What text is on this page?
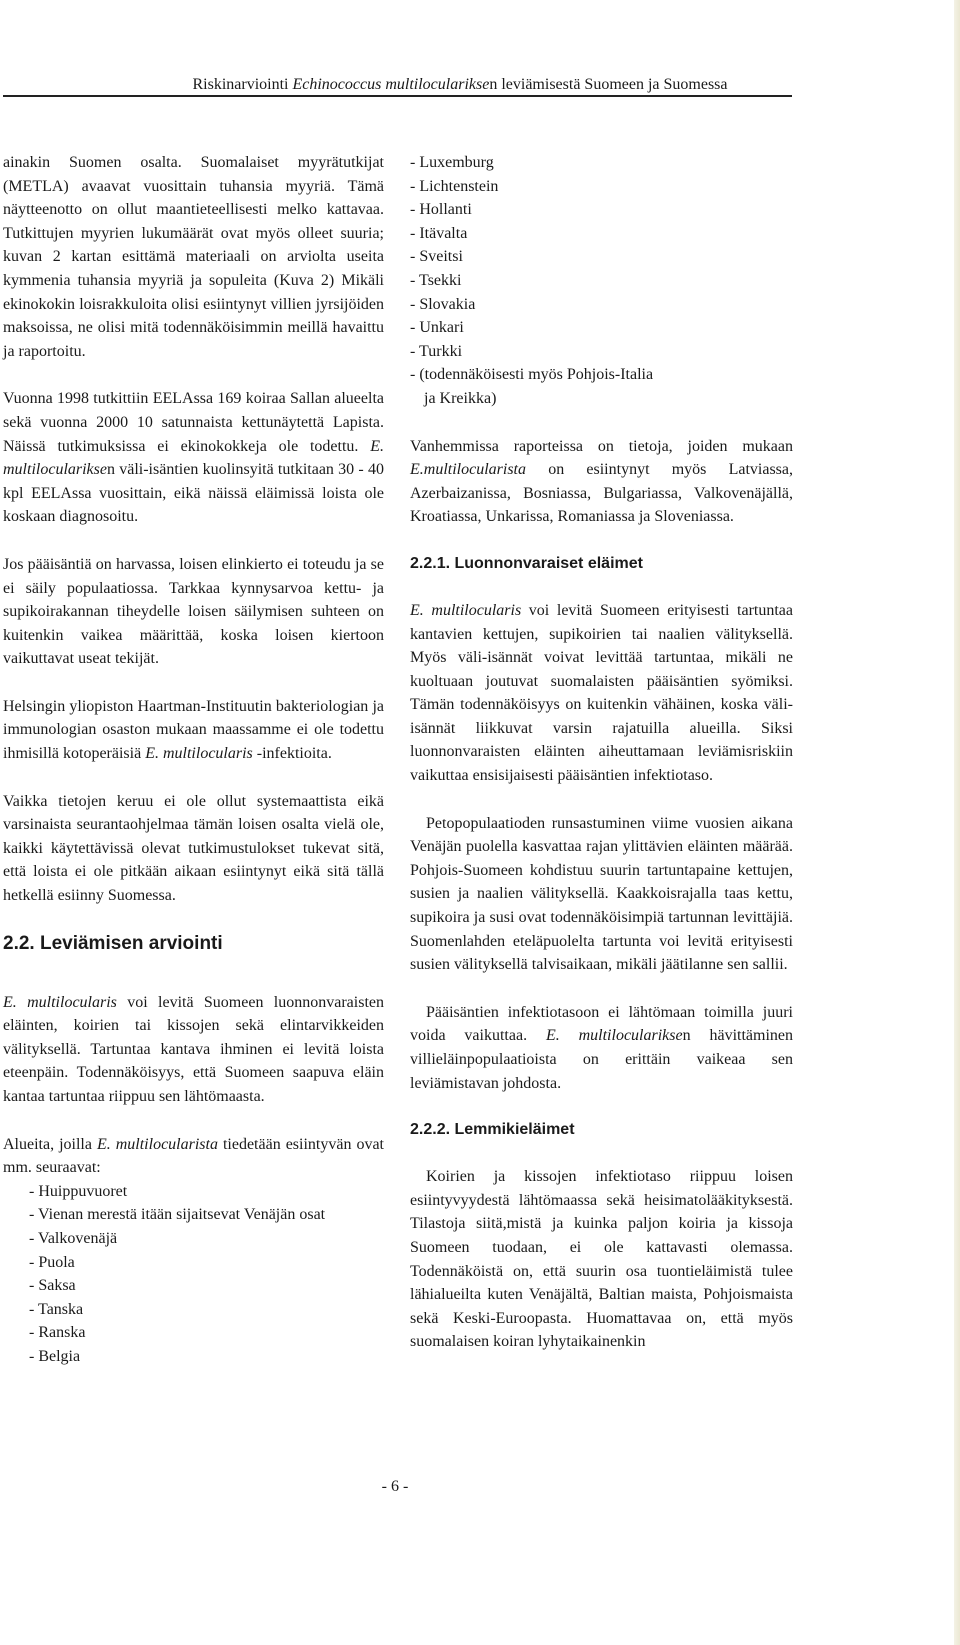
Riskinarviointi Echinococcus multiloculariksen leviämisestä Suomeen ja Suomessa

ainakin Suomen osalta. Suomalaiset myyrätutkijat (METLA) avaavat vuosittain tuhansia myyriä. Tämä näytteenotto on ollut maantieteellisesti melko kattavaa. Tutkittujen myyrien lukumäärät ovat myös olleet suuria; kuvan 2 kartan esittämä materiaali on arviolta useita kymmenia tuhansia myyriä ja sopuleita (Kuva 2) Mikäli ekinokokin loisrakkuloita olisi esiintynyt villien jyrsijöiden maksoissa, ne olisi mitä todennäköisimmin meillä havaittu ja raportoitu.

Vuonna 1998 tutkittiin EELAssa 169 koiraa Sallan alueelta sekä vuonna 2000 10 satunnaista kettunäytettä Lapista. Näissä tutkimuksissa ei ekinokokkeja ole todettu. E. multiloculariksen väli-isäntien kuolinsyitä tutkitaan 30 - 40 kpl EELAssa vuosittain, eikä näissä eläimissä loista ole koskaan diagnosoitu.

Jos pääisäntiä on harvassa, loisen elinkierto ei toteudu ja se ei säily populaatiossa. Tarkkaa kynnysarvoa kettu- ja supikoirakannan tiheydelle loisen säilymisen suhteen on kuitenkin vaikea määrittää, koska loisen kiertoon vaikuttavat useat tekijät.

Helsingin yliopiston Haartman-Instituutin bakteriologian ja immunologian osaston mukaan maassamme ei ole todettu ihmisillä kotoperäisiä E. multilocularis -infektioita.

Vaikka tietojen keruu ei ole ollut systemaattista eikä varsinaista seurantaohjelmaa tämän loisen osalta vielä ole, kaikki käytettävissä olevat tutkimustulokset tukevat sitä, että loista ei ole pitkään aikaan esiintynyt eikä sitä tällä hetkellä esiinny Suomessa.

2.2. Leviämisen arviointi

E. multilocularis voi levitä Suomeen luonnonvaraisten eläinten, koirien tai kissojen sekä elintarvikkeiden välityksellä. Tartuntaa kantava ihminen ei levitä loista eteenpäin. Todennäköisyys, että Suomeen saapuva eläin kantaa tartuntaa riippuu sen lähtömaasta.

Alueita, joilla E. multilocularista tiedetään esiintyvän ovat mm. seuraavat:

- Huippuvuoret
- Vienan merestä itään sijaitsevat Venäjän osat
- Valkovenäjä
- Puola
- Saksa
- Tanska
- Ranska
- Belgia
- Luxemburg
- Lichtenstein
- Hollanti
- Itävalta
- Sveitsi
- Tsekki
- Slovakia
- Unkari
- Turkki
- (todennäköisesti myös Pohjois-Italia
ja Kreikka)

Vanhemmissa raporteissa on tietoja, joiden mukaan E.multilocularista on esiintynyt myös Latviassa, Azerbaizanissa, Bosniassa, Bulgariassa, Valkovenäjällä, Kroatiassa, Unkarissa, Romaniassa ja Sloveniassa.

2.2.1. Luonnonvaraiset eläimet

E. multilocularis voi levitä Suomeen erityisesti tartuntaa kantavien kettujen, supikoirien tai naalien välityksellä. Myös väli-isännät voivat levittää tartuntaa, mikäli ne kuoltuaan joutuvat suomalaisten pääisäntien syömiksi. Tämän todennäköisyys on kuitenkin vähäinen, koska väli-isännät liikkuvat varsin rajatuilla alueilla. Siksi luonnonvaraisten eläinten aiheuttamaan leviämisriskiin vaikuttaa ensisijaisesti pääisäntien infektiotaso.

Petopopulaatioden runsastuminen viime vuosien aikana Venäjän puolella kasvattaa rajan ylittävien eläinten määrää. Pohjois-Suomeen kohdistuu suurin tartuntapaine kettujen, susien ja naalien välityksellä. Kaakkoisrajalla taas kettu, supikoira ja susi ovat todennäköisimpiä tartunnan levittäjiä. Suomenlahden eteläpuolelta tartunta voi levitä erityisesti susien välityksellä talvisaikaan, mikäli jäätilanne sen sallii.

Pääisäntien infektiotasoon ei lähtömaan toimilla juuri voida vaikuttaa. E. multiloculariksen hävittäminen villieläinpopulaatioista on erittäin vaikeaa sen leviämistavan johdosta.

2.2.2. Lemmikieläimet

Koirien ja kissojen infektiotaso riippuu loisen esiintyvyydestä lähtömaassa sekä heisimatolääkityksestä. Tilastoja siitä,mistä ja kuinka paljon koiria ja kissoja Suomeen tuodaan, ei ole kattavasti olemassa. Todennäköistä on, että suurin osa tuontieläimistä tulee lähialueilta kuten Venäjältä, Baltian maista, Pohjoismaista sekä Keski-Euroopasta. Huomattavaa on, että myös suomalaisen koiran lyhytaikainenkin

- 6 -
